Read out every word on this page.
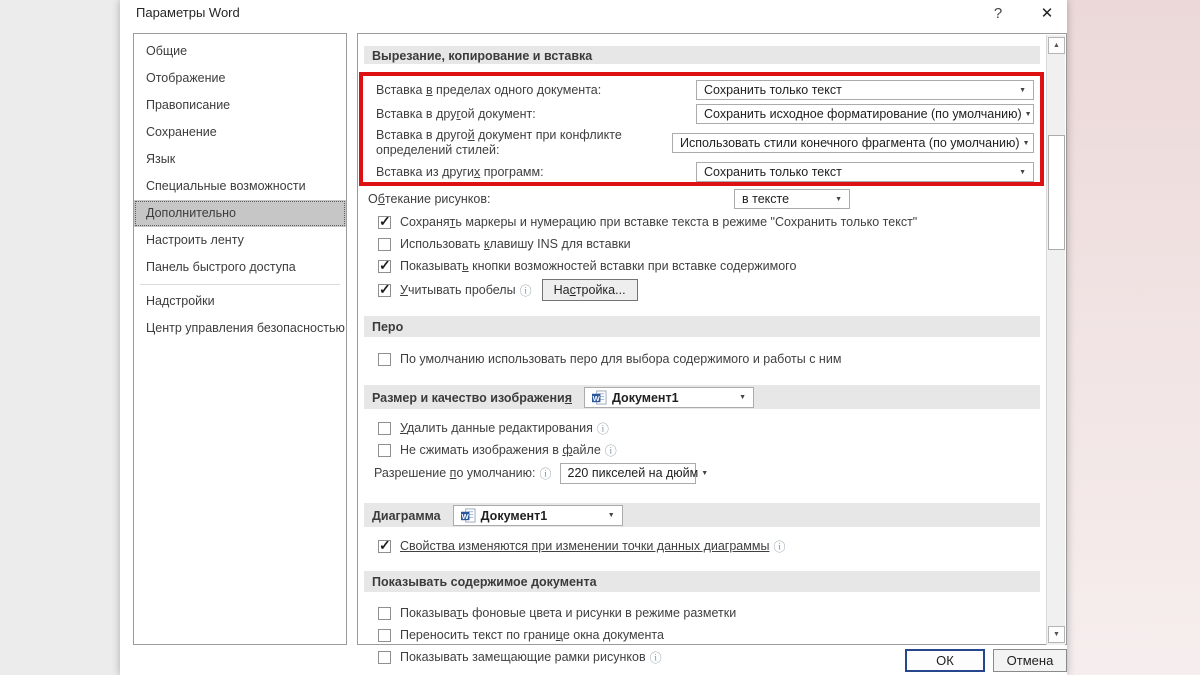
Параметры Word	?	✕
Общие
Отображение
Правописание
Сохранение
Язык
Специальные возможности
Дополнительно
Настроить ленту
Панель быстрого доступа
Надстройки
Центр управления безопасностью
Вырезание, копирование и вставка
Вставка в пределах одного документа:	Сохранить только текст	▼
Вставка в другой документ:	Сохранить исходное форматирование (по умолчанию) ▼
Вставка в другой документ при конфликте определений стилей:	Использовать стили конечного фрагмента (по умолчанию) ▼
Вставка из других программ:	Сохранить только текст	▼
Обтекание рисунков:	в тексте	▼
✓
Сохранять маркеры и нумерацию при вставке текста в режиме "Сохранить только текст"
Использовать клавишу INS для вставки
✓
Показывать кнопки возможностей вставки при вставке содержимого
✓
Учитывать пробелы ⓘ	Настройка...
Перо
По умолчанию использовать перо для выбора содержимого и работы с ним
Размер и качество изображения	W Документ1	▼
Удалить данные редактирования ⓘ
Не сжимать изображения в файле ⓘ
Разрешение по умолчанию: ⓘ 220 пикселей на дюйм ▼
Диаграмма	W Документ1	▼
✓
Свойства изменяются при изменении точки данных диаграммы ⓘ
Показывать содержимое документа
Показывать фоновые цвета и рисунки в режиме разметки
Переносить текст по границе окна документа
Показывать замещающие рамки рисунков ⓘ
▲
▼
ОК	Отмена
